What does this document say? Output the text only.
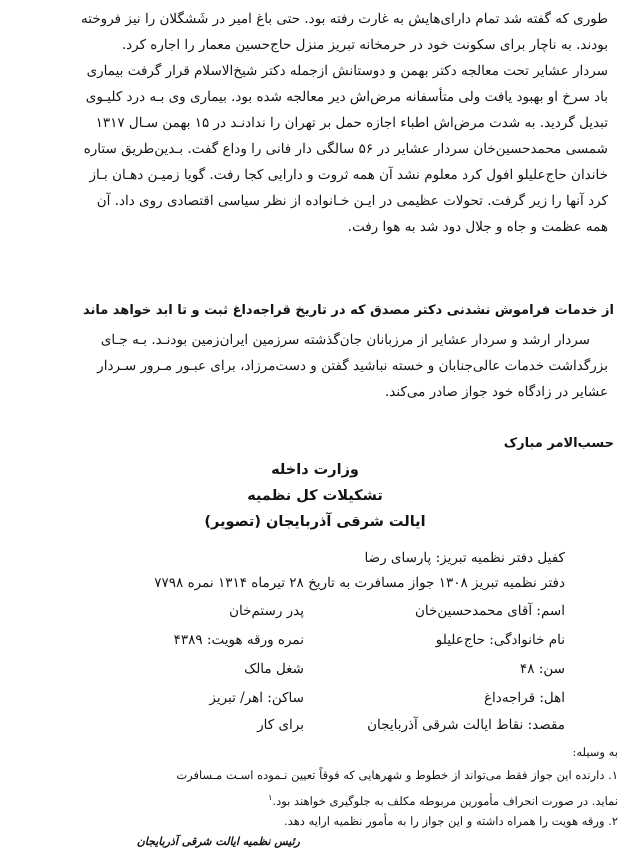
طوری که گفته شد تمام دارای‌هایش به غارت رفته بود. حتی باغ امیر در شَشگلان را نیز فروخته
بودند. به ناچار برای سکونت خود در حرمخانه تبریز منزل حاج‌حسین معمار را اجاره کرد.
سردار عشایر تحت معالجه دکتر بهمن و دوستانش از‌جمله دکتر شیخ‌الاسلام قرار گرفت بیماری
باد سرخ او بهبود یافت ولی متأسفانه مرض‌اش دیر معالجه شده بود. بیماری وی بـه درد کلیـوی
تبدیل گردید. به شدت مرض‌اش اطباء اجازه حمل بر تهران را ندادنـد در ۱۵ بهمن سـال ۱۳۱۷
شمسی محمدحسین‌خان سردار عشایر در ۵۶ سالگی دار فانی را وداع گفت. بـدین‌طریق ستاره
خاندان حاج‌علیلو افول کرد معلوم نشد آن همه ثروت و دارایی کجا رفت. گویا زمیـن دهـان بـاز
کرد آنها را زیر گرفت. تحولات عظیمی در ایـن خـانواده از نظر سیاسی اقتصادی روی داد. آن
همه عظمت و جاه و جلال دود شد به هوا رفت.

از خدمات فراموش نشدنی دکتر مصدق که در تاریخ قراجه‌داغ ثبت و تا ابد خواهد ماند

سردار ارشد و سردار عشایر از مرزبانان جان‌گذشته سرزمین ایران‌زمین بودنـد. بـه جـای
بزرگداشت خدمات عالی‌جنابان و خسته نباشید گفتن و دست‌مرزاد، برای عبـور مـرور سـردار
عشایر در زادگاه خود جواز صادر می‌کند.

حسب‌الامر مبارک

وزارت داخله

تشکیلات کل نظمیه

ایالت شرقی آذربایجان (تصویر)

کفیل دفتر نظمیه تبریز: پارسای رضا

دفتر نظمیه تبریز ۱۳۰۸ جواز مسافرت به تاریخ ۲۸ تیرماه ۱۳۱۴ نمره ۷۷۹۸

اسم: آقای محمدحسین‌خان

پدر رستم‌خان

نام خانوادگی: حاج‌علیلو

نمره ورقه هویت: ۴۳۸۹

سن: ۴۸

شغل مالک

اهل: قراجه‌داغ

ساکن: اهر/ تبریز

مقصد: نقاط ایالت شرقی آذربایجان

برای کار

به وسیله:

۱. دارنده این جواز فقط می‌تواند از خطوط و شهرهایی که فوقاً تعیین نـموده اسـت مـسافرت

نماید. در صورت انحراف مأمورین مربوطه مکلف به جلوگیری خواهند بود.$^۱$

۲. ورقه هویت را همراه داشته و این جواز را به مأمور نظمیه ارایه دهد.

رئیس نظمیه ایالت شرقی آذربایجان
